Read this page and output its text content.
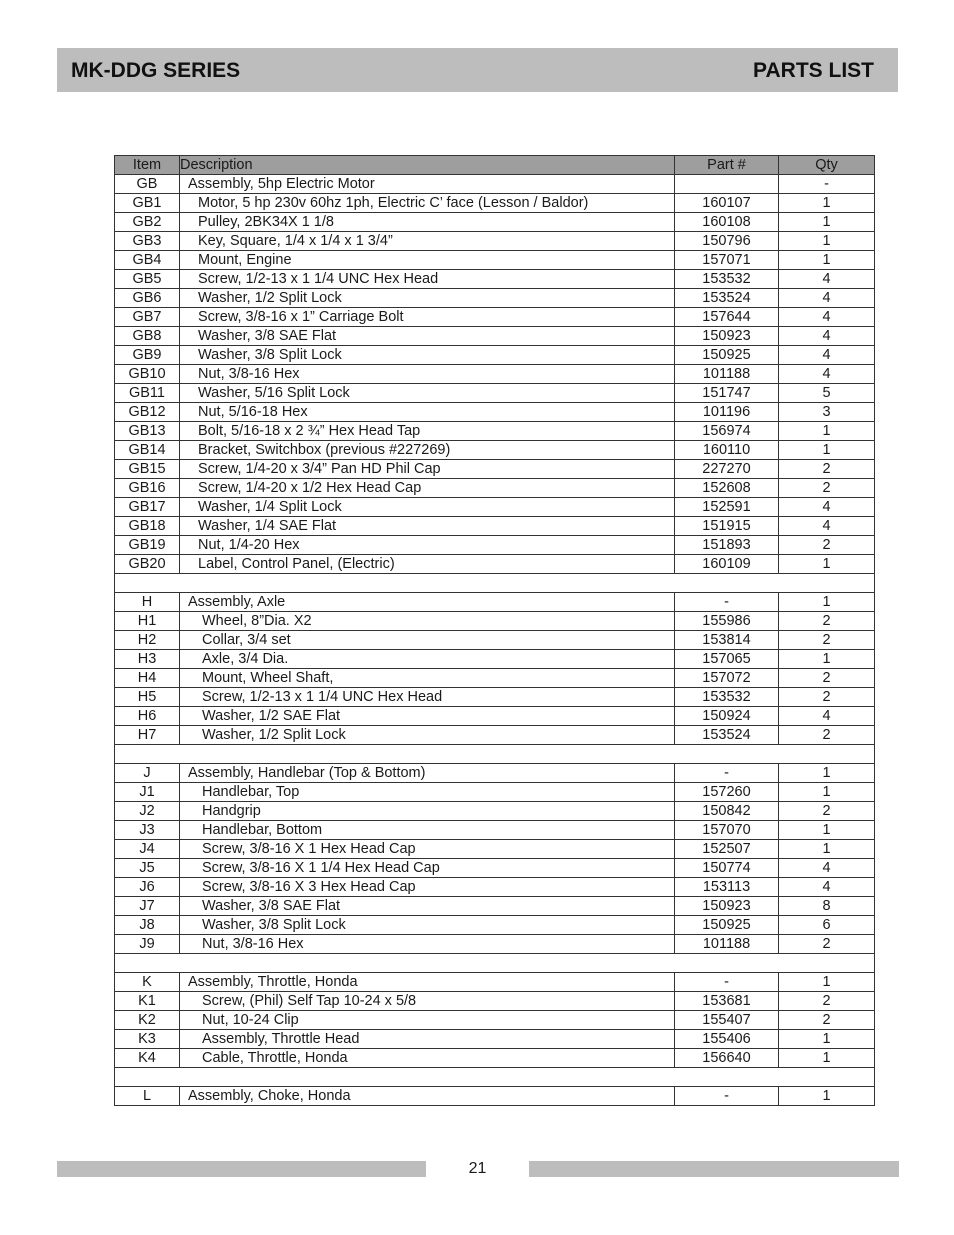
MK-DDG SERIES	PARTS LIST
Item	Description	Part #	Qty
GB	Assembly, 5hp Electric Motor		-
GB1	Motor, 5 hp 230v 60hz 1ph, Electric C’ face (Lesson / Baldor)	160107	1
GB2	Pulley, 2BK34X 1 1/8	160108	1
GB3	Key, Square, 1/4 x 1/4 x 1 3/4”	150796	1
GB4	Mount, Engine	157071	1
GB5	Screw, 1/2-13 x 1 1/4 UNC Hex Head	153532	4
GB6	Washer, 1/2 Split Lock	153524	4
GB7	Screw, 3/8-16 x 1” Carriage Bolt	157644	4
GB8	Washer, 3/8 SAE Flat	150923	4
GB9	Washer, 3/8 Split Lock	150925	4
GB10	Nut, 3/8-16 Hex	101188	4
GB11	Washer, 5/16 Split Lock	151747	5
GB12	Nut, 5/16-18 Hex	101196	3
GB13	Bolt, 5/16-18 x 2 ¾” Hex Head Tap	156974	1
GB14	Bracket, Switchbox (previous #227269)	160110	1
GB15	Screw, 1/4-20 x 3/4” Pan HD Phil Cap	227270	2
GB16	Screw, 1/4-20 x 1/2 Hex Head Cap	152608	2
GB17	Washer, 1/4 Split Lock	152591	4
GB18	Washer, 1/4 SAE Flat	151915	4
GB19	Nut, 1/4-20 Hex	151893	2
GB20	Label, Control Panel, (Electric)	160109	1

H	Assembly, Axle	-	1
H1	Wheel, 8”Dia. X2	155986	2
H2	Collar, 3/4 set	153814	2
H3	Axle, 3/4 Dia.	157065	1
H4	Mount, Wheel Shaft,	157072	2
H5	Screw, 1/2-13 x 1 1/4 UNC Hex Head	153532	2
H6	Washer, 1/2 SAE Flat	150924	4
H7	Washer, 1/2 Split Lock	153524	2

J	Assembly, Handlebar (Top & Bottom)	-	1
J1	Handlebar, Top	157260	1
J2	Handgrip	150842	2
J3	Handlebar, Bottom	157070	1
J4	Screw, 3/8-16 X 1 Hex Head Cap	152507	1
J5	Screw, 3/8-16 X 1 1/4 Hex Head Cap	150774	4
J6	Screw, 3/8-16 X 3 Hex Head Cap	153113	4
J7	Washer, 3/8 SAE Flat	150923	8
J8	Washer, 3/8 Split Lock	150925	6
J9	Nut, 3/8-16 Hex	101188	2

K	Assembly, Throttle, Honda	-	1
K1	Screw, (Phil) Self Tap 10-24 x 5/8	153681	2
K2	Nut, 10-24 Clip	155407	2
K3	Assembly, Throttle Head	155406	1
K4	Cable, Throttle, Honda	156640	1

L	Assembly, Choke, Honda	-	1
21
